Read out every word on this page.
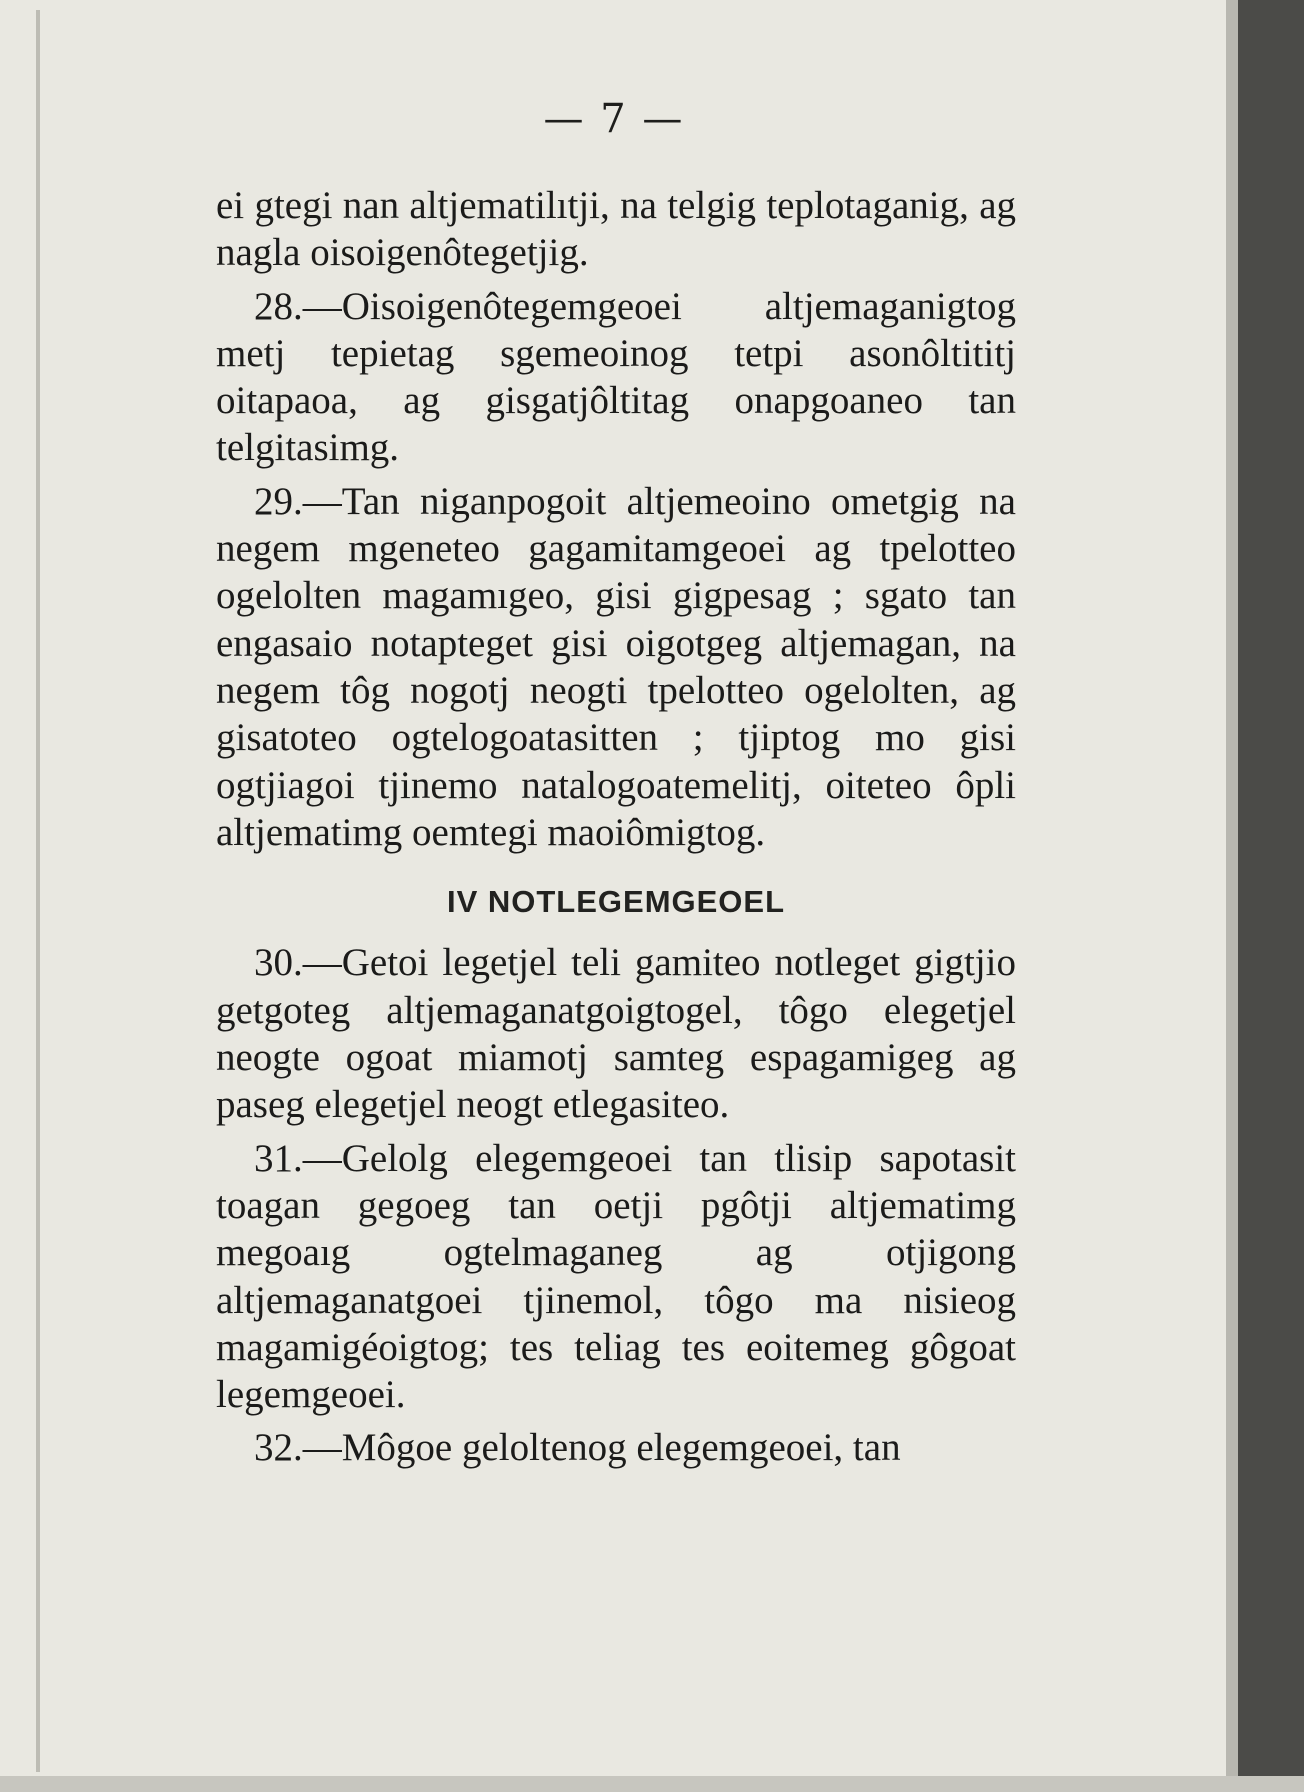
— 7 —

ei gtegi nan altjematilıtji, na telgig teplotaganig, ag nagla oisoigenôtegetjig.

28.—Oisoigenôtegemgeoei altjemaganigtog metj tepietag sgemeoinog tetpi asonôltititj oitapaoa, ag gisgatjôltitag onapgoaneo tan telgitasimg.

29.—Tan niganpogoit altjemeoino ometgig na negem mgeneteo gagamitamgeoei ag tpelotteo ogelolten magamıgeo, gisi gigpesag ; sgato tan engasaio notapteget gisi oigotgeg altjemagan, na negem tôg nogotj neogti tpelotteo ogelolten, ag gisatoteo ogtelogoatasitten ; tjiptog mo gisi ogtjiagoi tjinemo natalogoatemelitj, oiteteo ôpli altjematimg oemtegi maoiômigtog.

IV NOTLEGEMGEOEL

30.—Getoi legetjel teli gamiteo notleget gigtjio getgoteg altjemaganatgoigtogel, tôgo elegetjel neogte ogoat miamotj samteg espagamigeg ag paseg elegetjel neogt etlegasiteo.

31.—Gelolg elegemgeoei tan tlisip sapotasit toagan gegoeg tan oetji pgôtji altjematimg megoaıg ogtelmaganeg ag otjigong altjemaganatgoei tjinemol, tôgo ma nisieog magamigéoigtog; tes teliag tes eoitemeg gôgoat legemgeoei.

32.—Môgoe geloltenog elegemgeoei, tan
